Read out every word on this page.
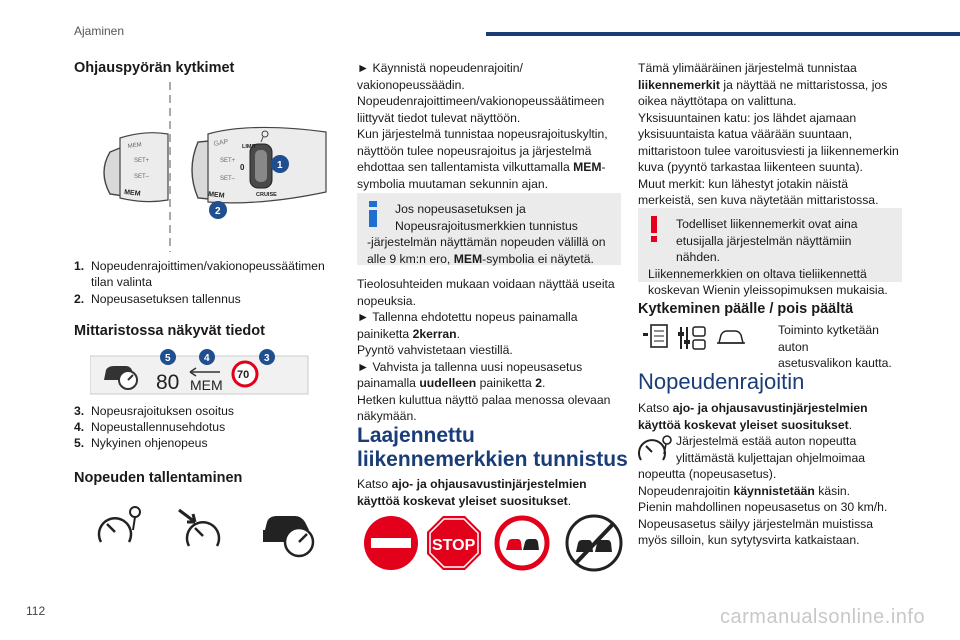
Ajaminen
112	carmanualsonline.info
Ohjauspyörän kytkimet
MEM
SET+
SET–
MEM
GAP LIMIT
0
CRUISE
SET+
SET–
MEM
1
2
1. Nopeudenrajoittimen/vakionopeussäätimen tilan valinta
2. Nopeusasetuksen tallennus
Mittaristossa näkyvät tiedot
80 MEM
70
5	4	3
3. Nopeusrajoituksen osoitus
4. Nopeustallennusehdotus
5. Nykyinen ohjenopeus
Nopeuden tallentaminen

► Käynnistä nopeudenrajoitin/

vakionopeussäädin.

Nopeudenrajoittimeen/vakionopeussäätimeen

liittyvät tiedot tulevat näyttöön.

Kun järjestelmä tunnistaa nopeusrajoituskyltin,

näyttöön tulee nopeusrajoitus ja järjestelmä

ehdottaa sen tallentamista vilkuttamalla MEM-

symbolia muutaman sekunnin ajan.

Jos nopeusasetuksen ja

Nopeusrajoitusmerkkien tunnistus

-järjestelmän näyttämän nopeuden välillä on

alle 9 km:n ero, MEM-symbolia ei näytetä.

Tieolosuhteiden mukaan voidaan näyttää useita

nopeuksia.

► Tallenna ehdotettu nopeus painamalla

painiketta 2kerran.

Pyyntö vahvistetaan viestillä.

► Vahvista ja tallenna uusi nopeusasetus

painamalla uudelleen painiketta 2.

Hetken kuluttua näyttö palaa menossa olevaan

näkymään.

Laajennettu
liikennemerkkien tunnistus

Katso ajo- ja ohjausavustinjärjestelmien

käyttöä koskevat yleiset suositukset.

STOP

Tämä ylimääräinen järjestelmä tunnistaa

liikennemerkit ja näyttää ne mittaristossa, jos

oikea näyttötapa on valittuna.

Yksisuuntainen katu: jos lähdet ajamaan

yksisuuntaista katua väärään suuntaan,

mittaristoon tulee varoitusviesti ja liikennemerkin

kuva (pyyntö tarkastaa liikenteen suunta).

Muut merkit: kun lähestyt jotakin näistä

merkeistä, sen kuva näytetään mittaristossa.

Todelliset liikennemerkit ovat aina

etusijalla järjestelmän näyttämiin nähden.

Liikennemerkkien on oltava tieliikennettä

koskevan Wienin yleissopimuksen mukaisia.

Kytkeminen päälle / pois päältä

Toiminto kytketään auton

asetusvalikon kautta.

Nopeudenrajoitin

Katso ajo- ja ohjausavustinjärjestelmien

käyttöä koskevat yleiset suositukset.

Järjestelmä estää auton nopeutta

ylittämästä kuljettajan ohjelmoimaa

nopeutta (nopeusasetus).

Nopeudenrajoitin käynnistetään käsin.

Pienin mahdollinen nopeusasetus on 30 km/h.

Nopeusasetus säilyy järjestelmän muistissa

myös silloin, kun sytytysvirta katkaistaan.
